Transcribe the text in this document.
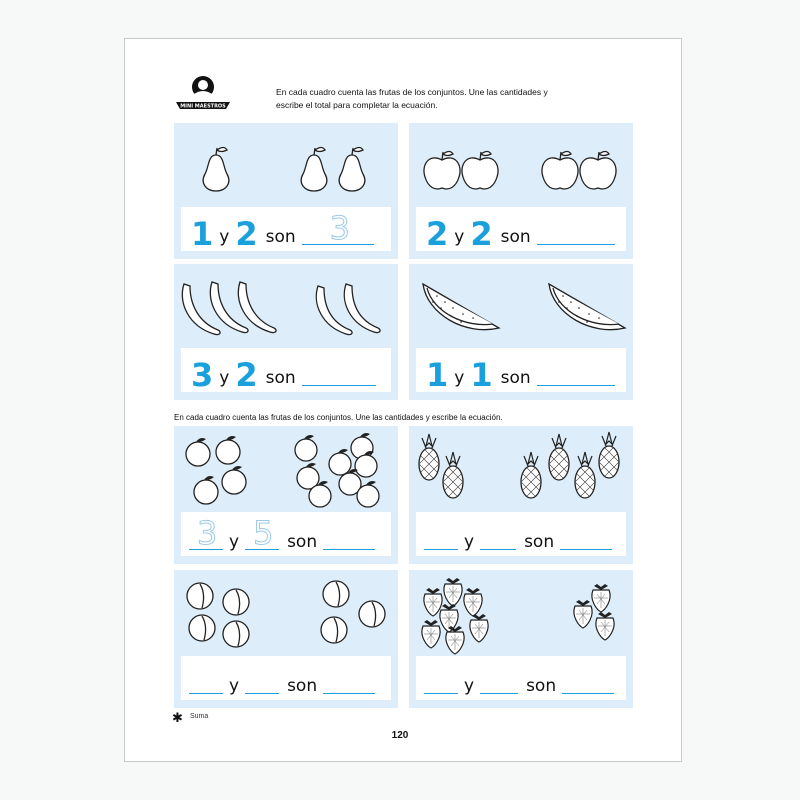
MINI MAESTROS
En cada cuadro cuenta las frutas de los conjuntos. Une las cantidades y
escribe el total para completar la ecuación.
1 y 2 son 3 2 y 2 son
3 y 2 son	1 y 1 son
En cada cuadro cuenta las frutas de los conjuntos. Une las cantidades y escribe la ecuación.
3 y 5 son	y	son
y	son	y	son
✱ Suma
120
